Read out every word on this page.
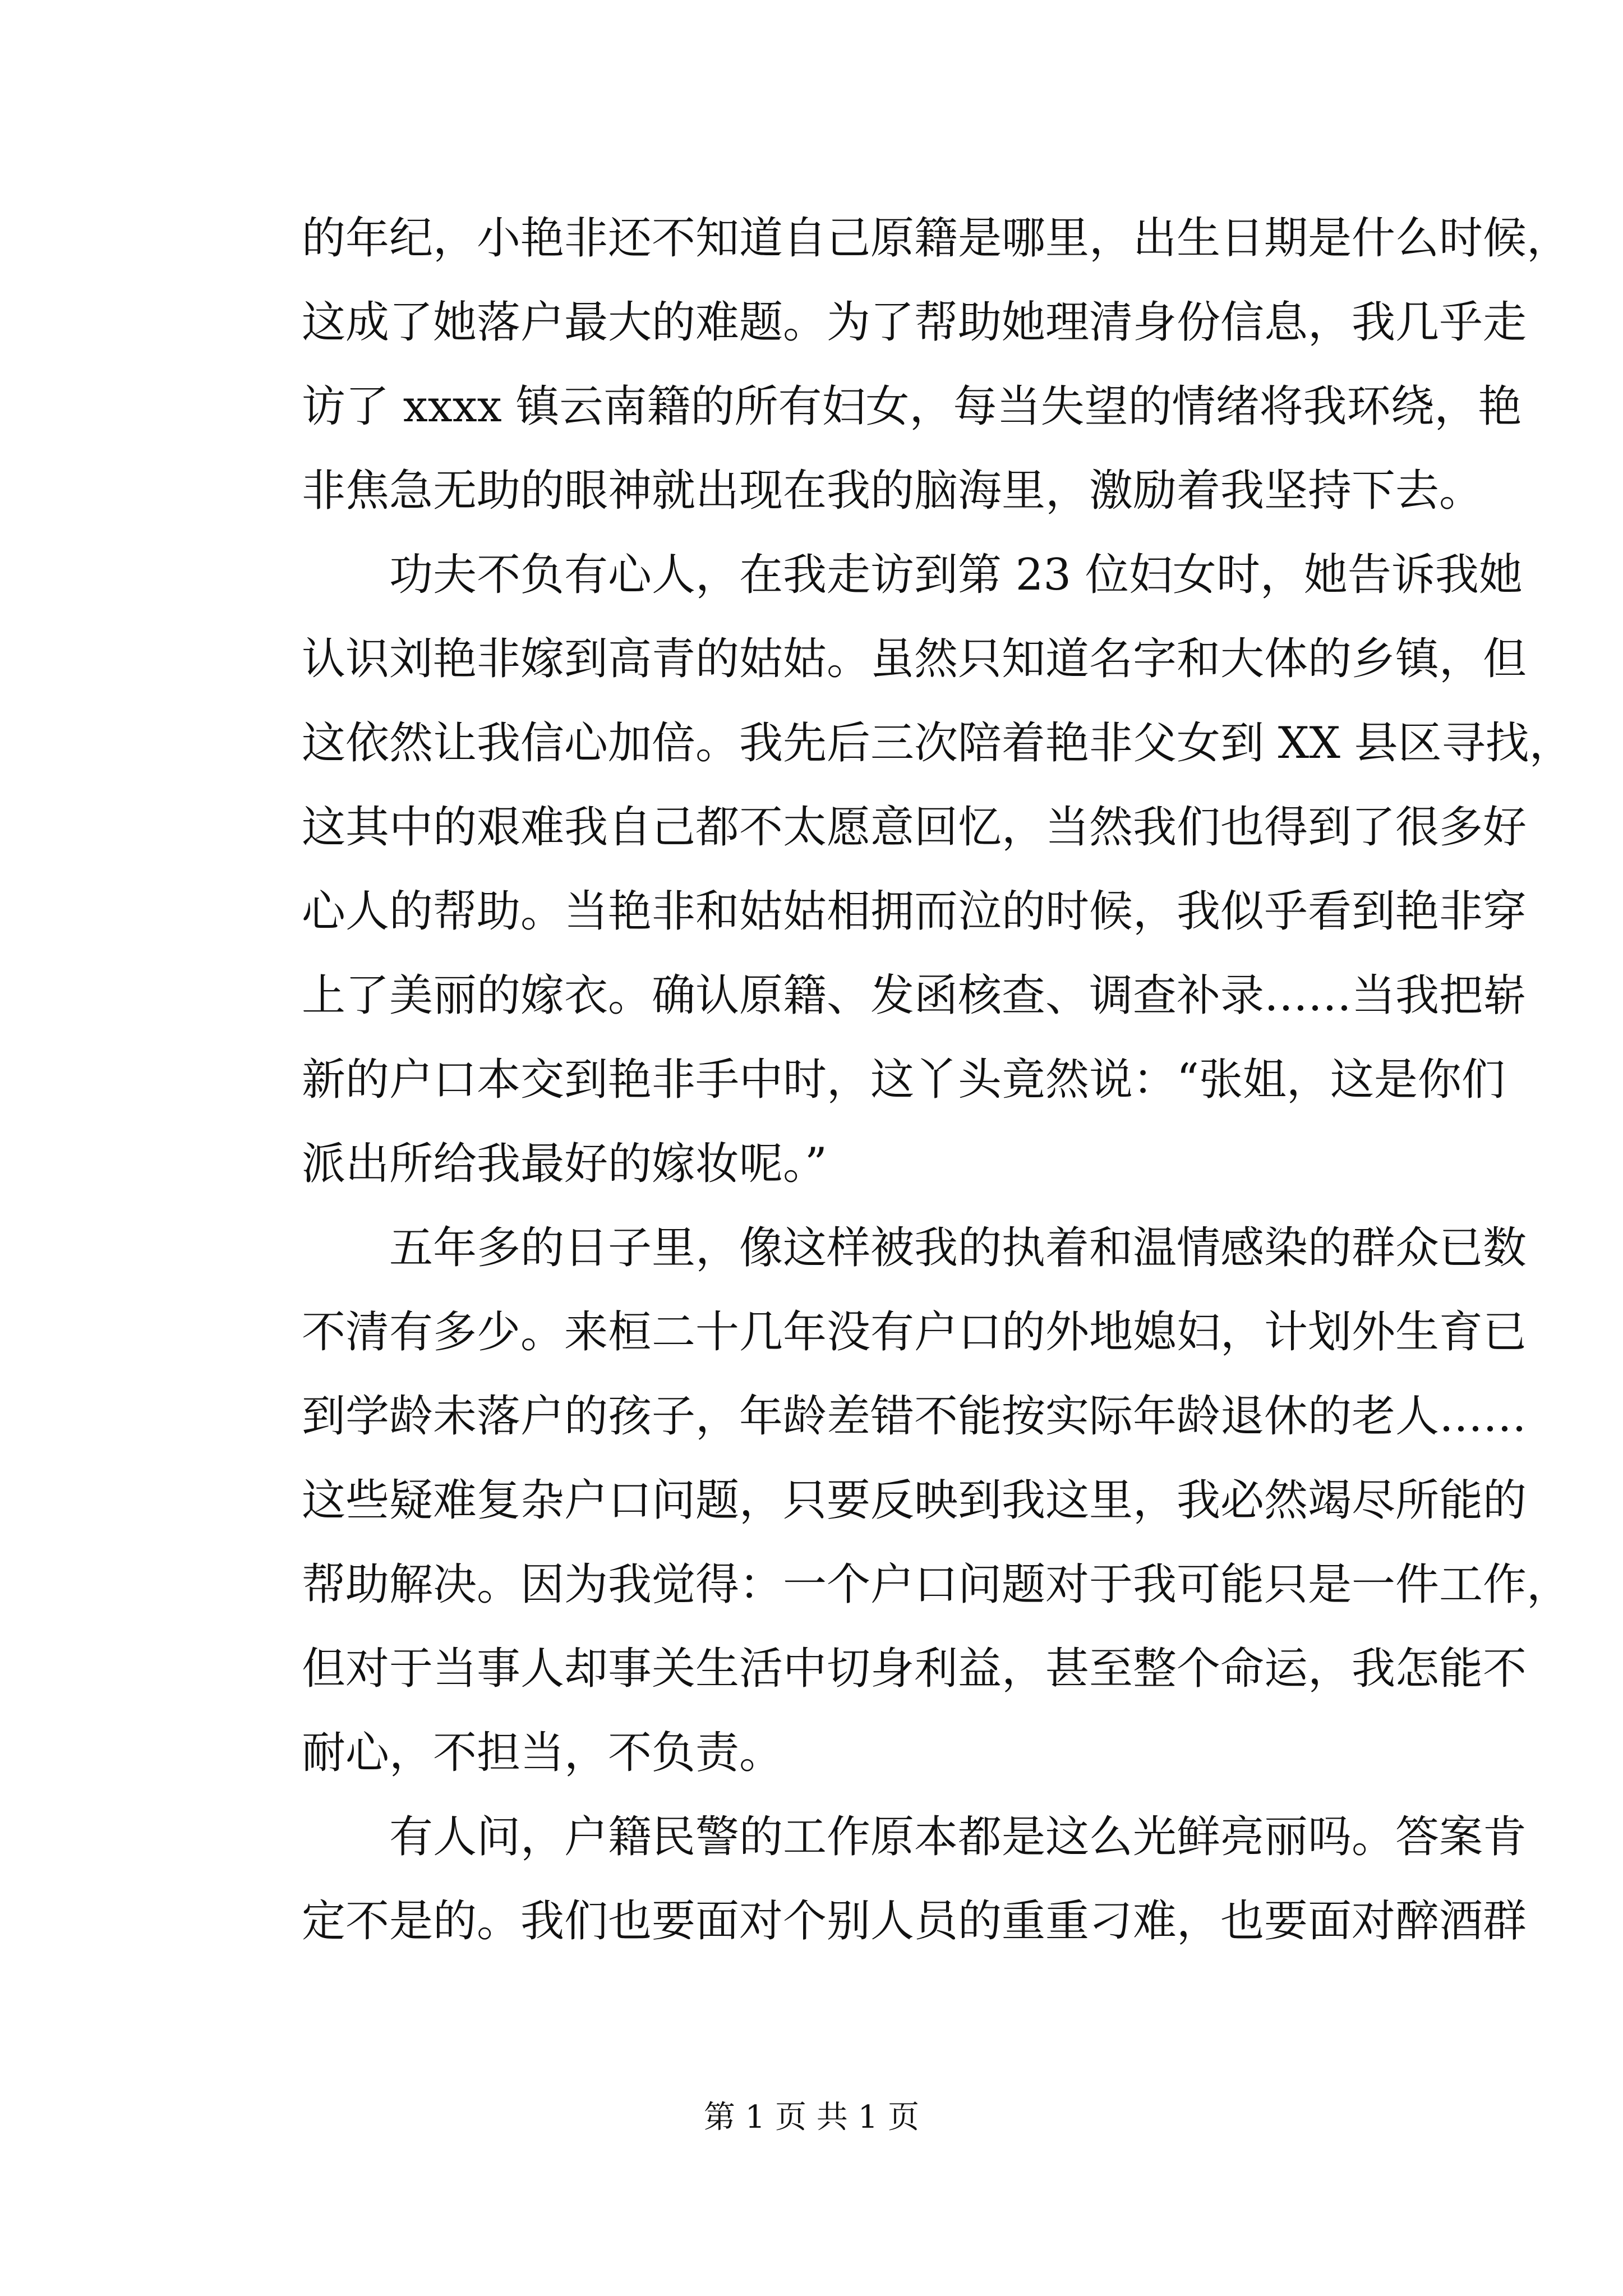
的年纪，小艳非还不知道自己原籍是哪里，出生日期是什么时候，
这成了她落户最大的难题。为了帮助她理清身份信息，我几乎走
访了 xxxx 镇云南籍的所有妇女，每当失望的情绪将我环绕，艳
非焦急无助的眼神就出现在我的脑海里，激励着我坚持下去。
功夫不负有心人，在我走访到第 23 位妇女时，她告诉我她
认识刘艳非嫁到高青的姑姑。虽然只知道名字和大体的乡镇，但
这依然让我信心加倍。我先后三次陪着艳非父女到 XX 县区寻找，
这其中的艰难我自己都不太愿意回忆，当然我们也得到了很多好
心人的帮助。当艳非和姑姑相拥而泣的时候，我似乎看到艳非穿
上了美丽的嫁衣。确认原籍、发函核查、调查补录……当我把崭
新的户口本交到艳非手中时，这丫头竟然说：“张姐，这是你们
派出所给我最好的嫁妆呢。”
五年多的日子里，像这样被我的执着和温情感染的群众已数
不清有多少。来桓二十几年没有户口的外地媳妇，计划外生育已
到学龄未落户的孩子，年龄差错不能按实际年龄退休的老人……
这些疑难复杂户口问题，只要反映到我这里，我必然竭尽所能的
帮助解决。因为我觉得：一个户口问题对于我可能只是一件工作，
但对于当事人却事关生活中切身利益，甚至整个命运，我怎能不
耐心，不担当，不负责。
有人问，户籍民警的工作原本都是这么光鲜亮丽吗。答案肯
定不是的。我们也要面对个别人员的重重刁难，也要面对醉酒群
第 1 页 共 1 页
